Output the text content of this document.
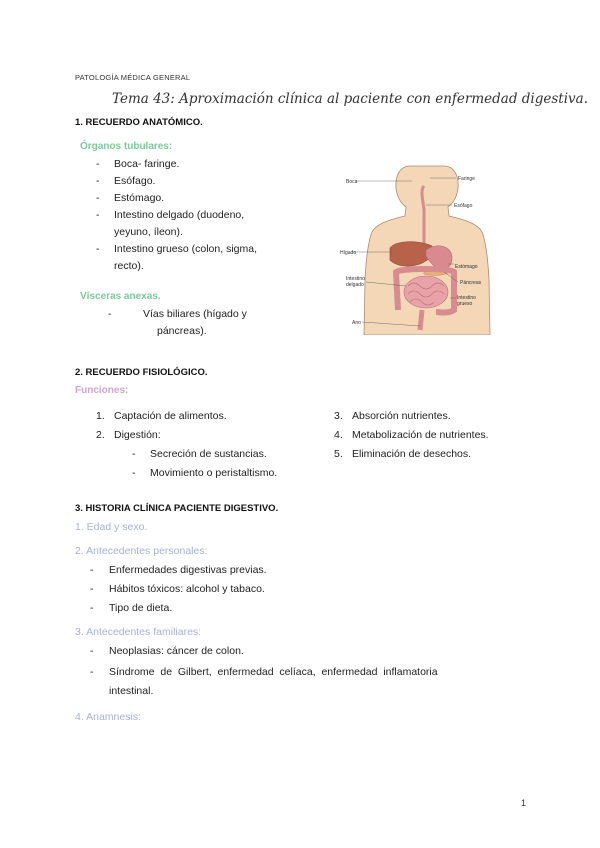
PATOLOGÍA MÉDICA GENERAL
Tema 43: Aproximación clínica al paciente con enfermedad digestiva.
1. RECUERDO ANATÓMICO.
Órganos tubulares:
-	Boca- faringe.
-	Esófago.
-	Estómago.
-	Intestino delgado (duodeno,
yeyuno, íleon).
-	Intestino grueso (colon, sigma,
recto).
Vísceras anexas.
-	Vías biliares (hígado y
páncreas).
Boca	Faringe
Esófago
Hígado
Estómago
Páncreas
Intestino
delgado
Intestino
grueso
Ano
2. RECUERDO FISIOLÓGICO.
Funciones:
1. Captación de alimentos.
2. Digestión:
-	Secreción de sustancias.
-	Movimiento o peristaltismo.
3. Absorción nutrientes.
4. Metabolización de nutrientes.
5. Eliminación de desechos.
3. HISTORIA CLÍNICA PACIENTE DIGESTIVO.
1. Edad y sexo.
2. Antecedentes personales:
-	Enfermedades digestivas previas.
-	Hábitos tóxicos: alcohol y tabaco.
-	Tipo de dieta.
3. Antecedentes familiares:
-	Neoplasias: cáncer de colon.
-	Síndrome  de  Gilbert,  enfermedad  celíaca,  enfermedad  inflamatoria
intestinal.
4. Anamnesis:
1
